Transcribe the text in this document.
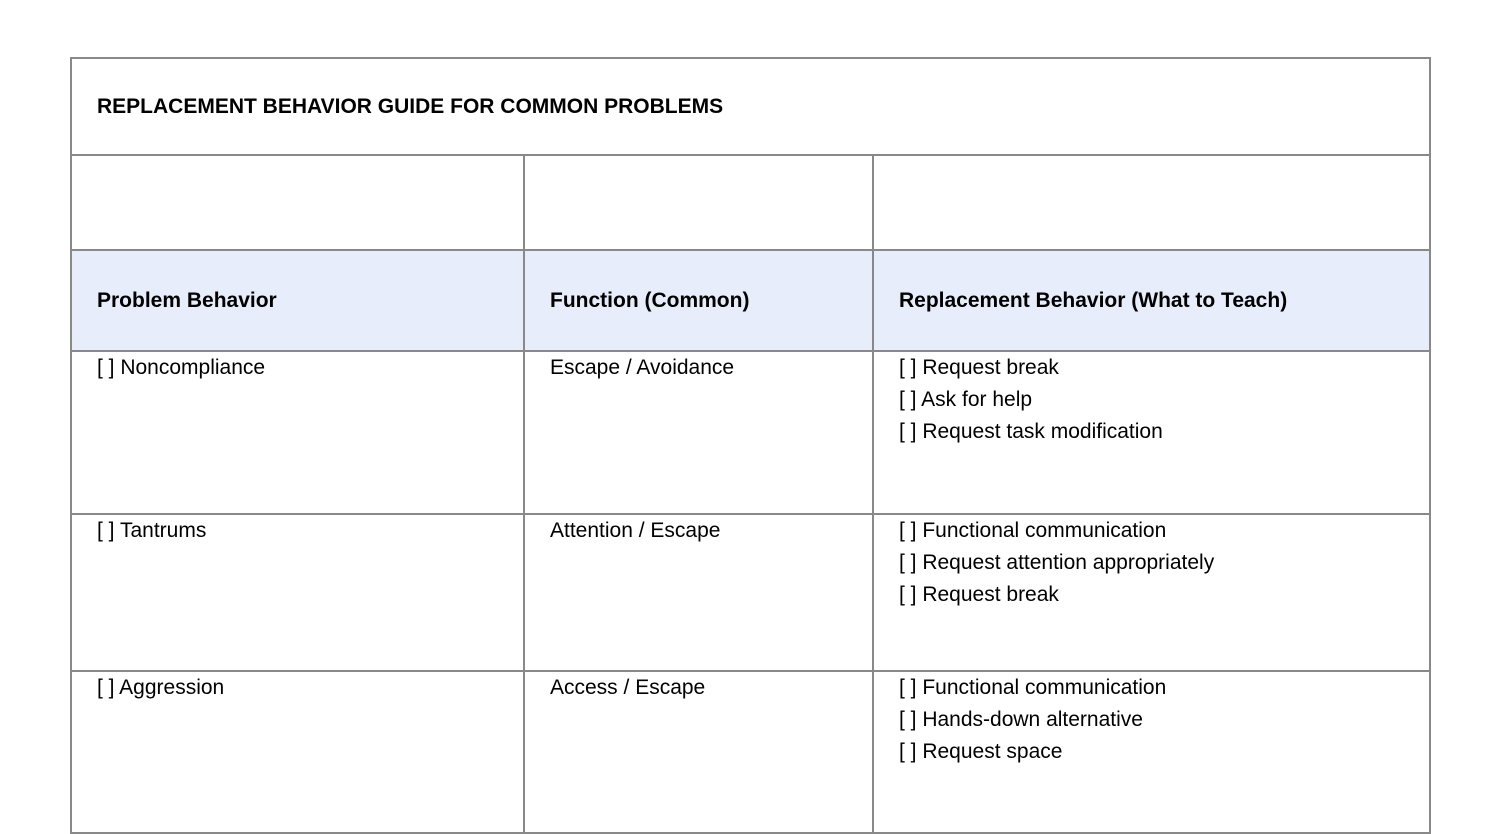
REPLACEMENT BEHAVIOR GUIDE FOR COMMON PROBLEMS		

Problem Behavior	Function (Common)	Replacement Behavior (What to Teach)
[ ] Noncompliance	Escape / Avoidance	[ ] Request break
[ ] Ask for help
[ ] Request task modification

[ ] Tantrums	Attention / Escape	[ ] Functional communication
[ ] Request attention appropriately
[ ] Request break

[ ] Aggression	Access / Escape	[ ] Functional communication
[ ] Hands-down alternative
[ ] Request space
